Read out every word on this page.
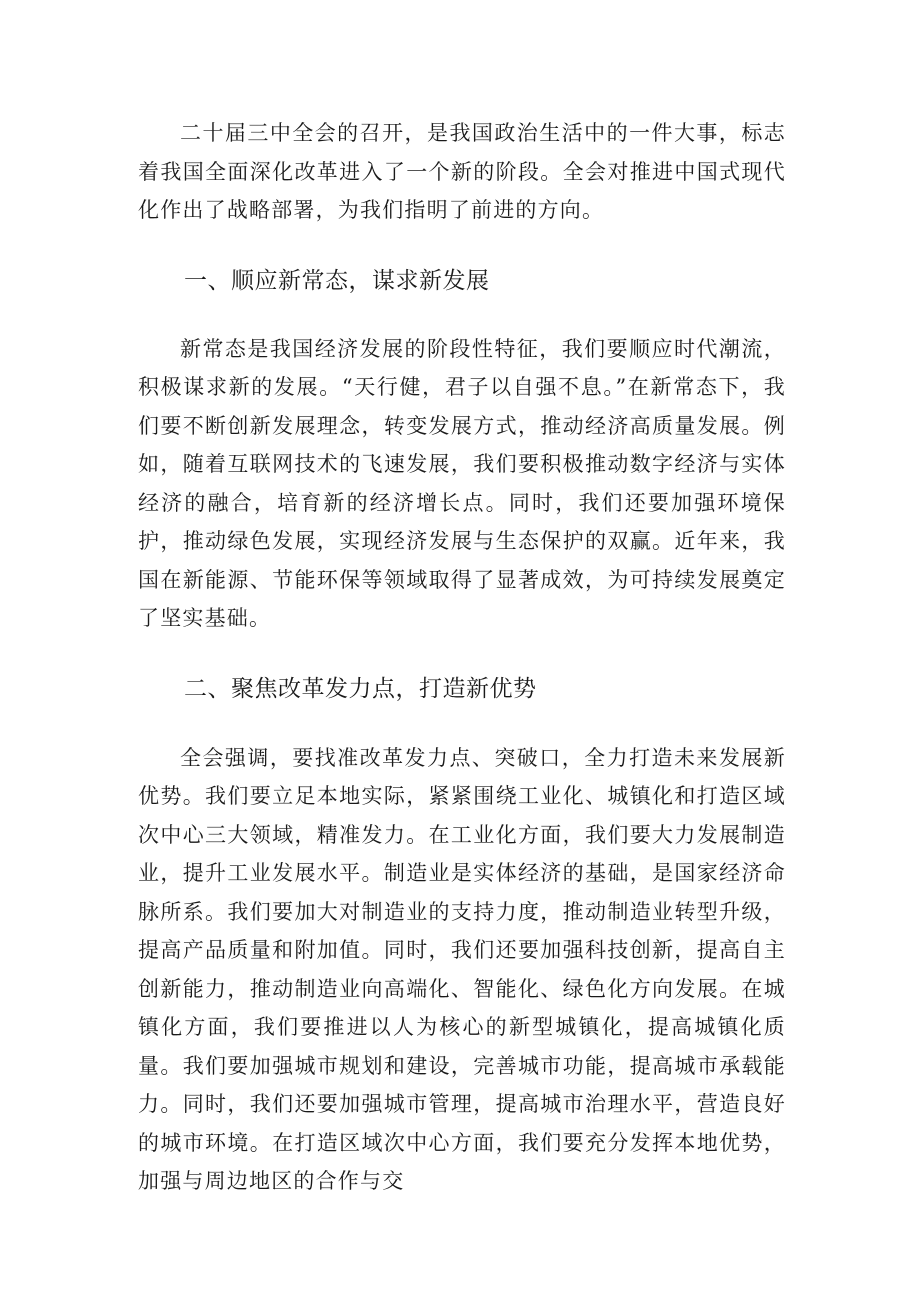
二十届三中全会的召开，是我国政治生活中的一件大事，标志着我国全面深化改革进入了一个新的阶段。全会对推进中国式现代化作出了战略部署，为我们指明了前进的方向。

一、顺应新常态，谋求新发展

新常态是我国经济发展的阶段性特征，我们要顺应时代潮流，积极谋求新的发展。“天行健，君子以自强不息。”在新常态下，我们要不断创新发展理念，转变发展方式，推动经济高质量发展。例如，随着互联网技术的飞速发展，我们要积极推动数字经济与实体经济的融合，培育新的经济增长点。同时，我们还要加强环境保护，推动绿色发展，实现经济发展与生态保护的双赢。近年来，我国在新能源、节能环保等领域取得了显著成效，为可持续发展奠定了坚实基础。

二、聚焦改革发力点，打造新优势

全会强调，要找准改革发力点、突破口，全力打造未来发展新优势。我们要立足本地实际，紧紧围绕工业化、城镇化和打造区域次中心三大领域，精准发力。在工业化方面，我们要大力发展制造业，提升工业发展水平。制造业是实体经济的基础，是国家经济命脉所系。我们要加大对制造业的支持力度，推动制造业转型升级，提高产品质量和附加值。同时，我们还要加强科技创新，提高自主创新能力，推动制造业向高端化、智能化、绿色化方向发展。在城镇化方面，我们要推进以人为核心的新型城镇化，提高城镇化质量。我们要加强城市规划和建设，完善城市功能，提高城市承载能力。同时，我们还要加强城市管理，提高城市治理水平，营造良好的城市环境。在打造区域次中心方面，我们要充分发挥本地优势，加强与周边地区的合作与交
